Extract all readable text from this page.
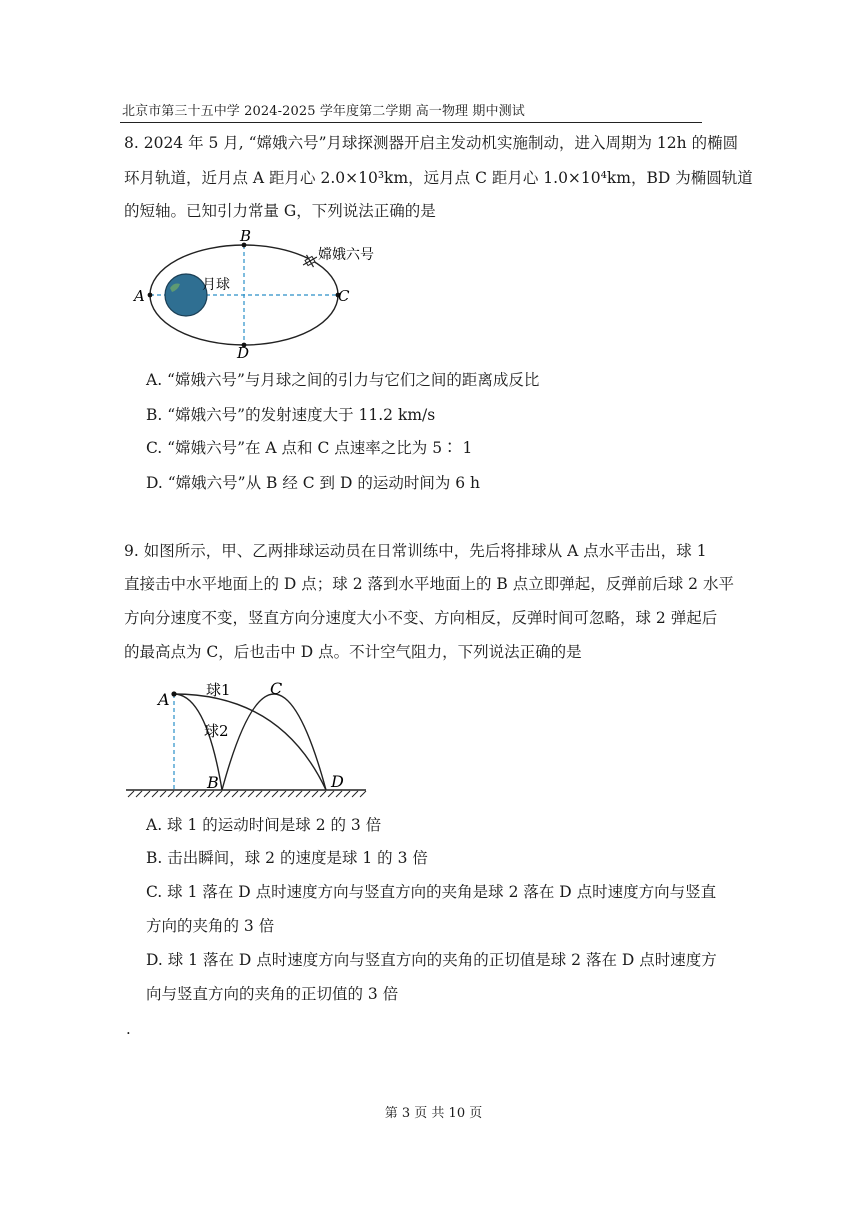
北京市第三十五中学 2024-2025 学年度第二学期 高一物理 期中测试
8. 2024 年 5 月, “嫦娥六号”月球探测器开启主发动机实施制动，进入周期为 12h 的椭圆
环月轨道，近月点 A 距月心 2.0×10³km，远月点 C 距月心 1.0×10⁴km，BD 为椭圆轨道
的短轴。已知引力常量 G，下列说法正确的是
A
B
C
D
月球
嫦娥六号
A. “嫦娥六号”与月球之间的引力与它们之间的距离成反比
B. “嫦娥六号”的发射速度大于 11.2 km/s
C. “嫦娥六号”在 A 点和 C 点速率之比为 5∶ 1
D. “嫦娥六号”从 B 经 C 到 D 的运动时间为 6 h
9. 如图所示，甲、乙两排球运动员在日常训练中，先后将排球从 A 点水平击出，球 1
直接击中水平地面上的 D 点；球 2 落到水平地面上的 B 点立即弹起，反弹前后球 2 水平
方向分速度不变，竖直方向分速度大小不变、方向相反，反弹时间可忽略，球 2 弹起后
的最高点为 C，后也击中 D 点。不计空气阻力，下列说法正确的是
A
B
C
D
球1
球2
A. 球 1 的运动时间是球 2 的 3 倍
B. 击出瞬间，球 2 的速度是球 1 的 3 倍
C. 球 1 落在 D 点时速度方向与竖直方向的夹角是球 2 落在 D 点时速度方向与竖直
方向的夹角的 3 倍
D. 球 1 落在 D 点时速度方向与竖直方向的夹角的正切值是球 2 落在 D 点时速度方
向与竖直方向的夹角的正切值的 3 倍
.
第 3 页 共 10 页
